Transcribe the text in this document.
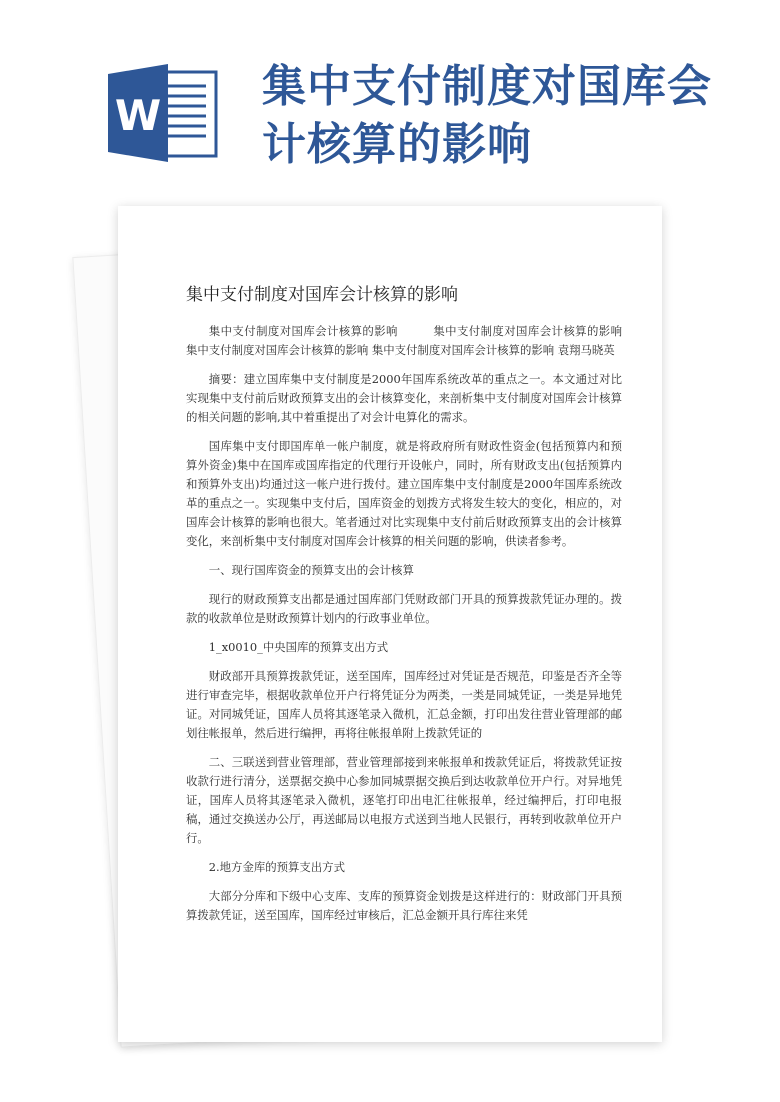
W
集中支付制度对国库会
计核算的影响
集中支付制度对国库会计核算的影响

集中支付制度对国库会计核算的影响　　　集中支付制度对国库会计核算的影响　　　　　　　　集中支付制度对国库会计核算的影响 集中支付制度对国库会计核算的影响 袁翔马晓英

摘要：建立国库集中支付制度是2000年国库系统改革的重点之一。本文通过对比实现集中支付前后财政预算支出的会计核算变化，来剖析集中支付制度对国库会计核算的相关问题的影响,其中着重提出了对会计电算化的需求。

国库集中支付即国库单一帐户制度，就是将政府所有财政性资金(包括预算内和预算外资金)集中在国库或国库指定的代理行开设帐户，同时，所有财政支出(包括预算内和预算外支出)均通过这一帐户进行拨付。建立国库集中支付制度是2000年国库系统改革的重点之一。实现集中支付后，国库资金的划拨方式将发生较大的变化，相应的，对国库会计核算的影响也很大。笔者通过对比实现集中支付前后财政预算支出的会计核算变化，来剖析集中支付制度对国库会计核算的相关问题的影响，供读者参考。

一、现行国库资金的预算支出的会计核算

现行的财政预算支出都是通过国库部门凭财政部门开具的预算拨款凭证办理的。拨款的收款单位是财政预算计划内的行政事业单位。

1_x0010_中央国库的预算支出方式

财政部开具预算拨款凭证，送至国库，国库经过对凭证是否规范，印鉴是否齐全等进行审查完毕，根据收款单位开户行将凭证分为两类，一类是同城凭证，一类是异地凭证。对同城凭证，国库人员将其逐笔录入微机，汇总金额，打印出发往营业管理部的邮划往帐报单，然后进行编押，再将往帐报单附上拨款凭证的

二、三联送到营业管理部，营业管理部接到来帐报单和拨款凭证后，将拨款凭证按收款行进行清分，送票据交换中心参加同城票据交换后到达收款单位开户行。对异地凭证，国库人员将其逐笔录入微机，逐笔打印出电汇往帐报单，经过编押后，打印电报稿，通过交换送办公厅，再送邮局以电报方式送到当地人民银行，再转到收款单位开户行。

2.地方金库的预算支出方式

大部分分库和下级中心支库、支库的预算资金划拨是这样进行的：财政部门开具预算拨款凭证，送至国库，国库经过审核后，汇总金额开具行库往来凭
